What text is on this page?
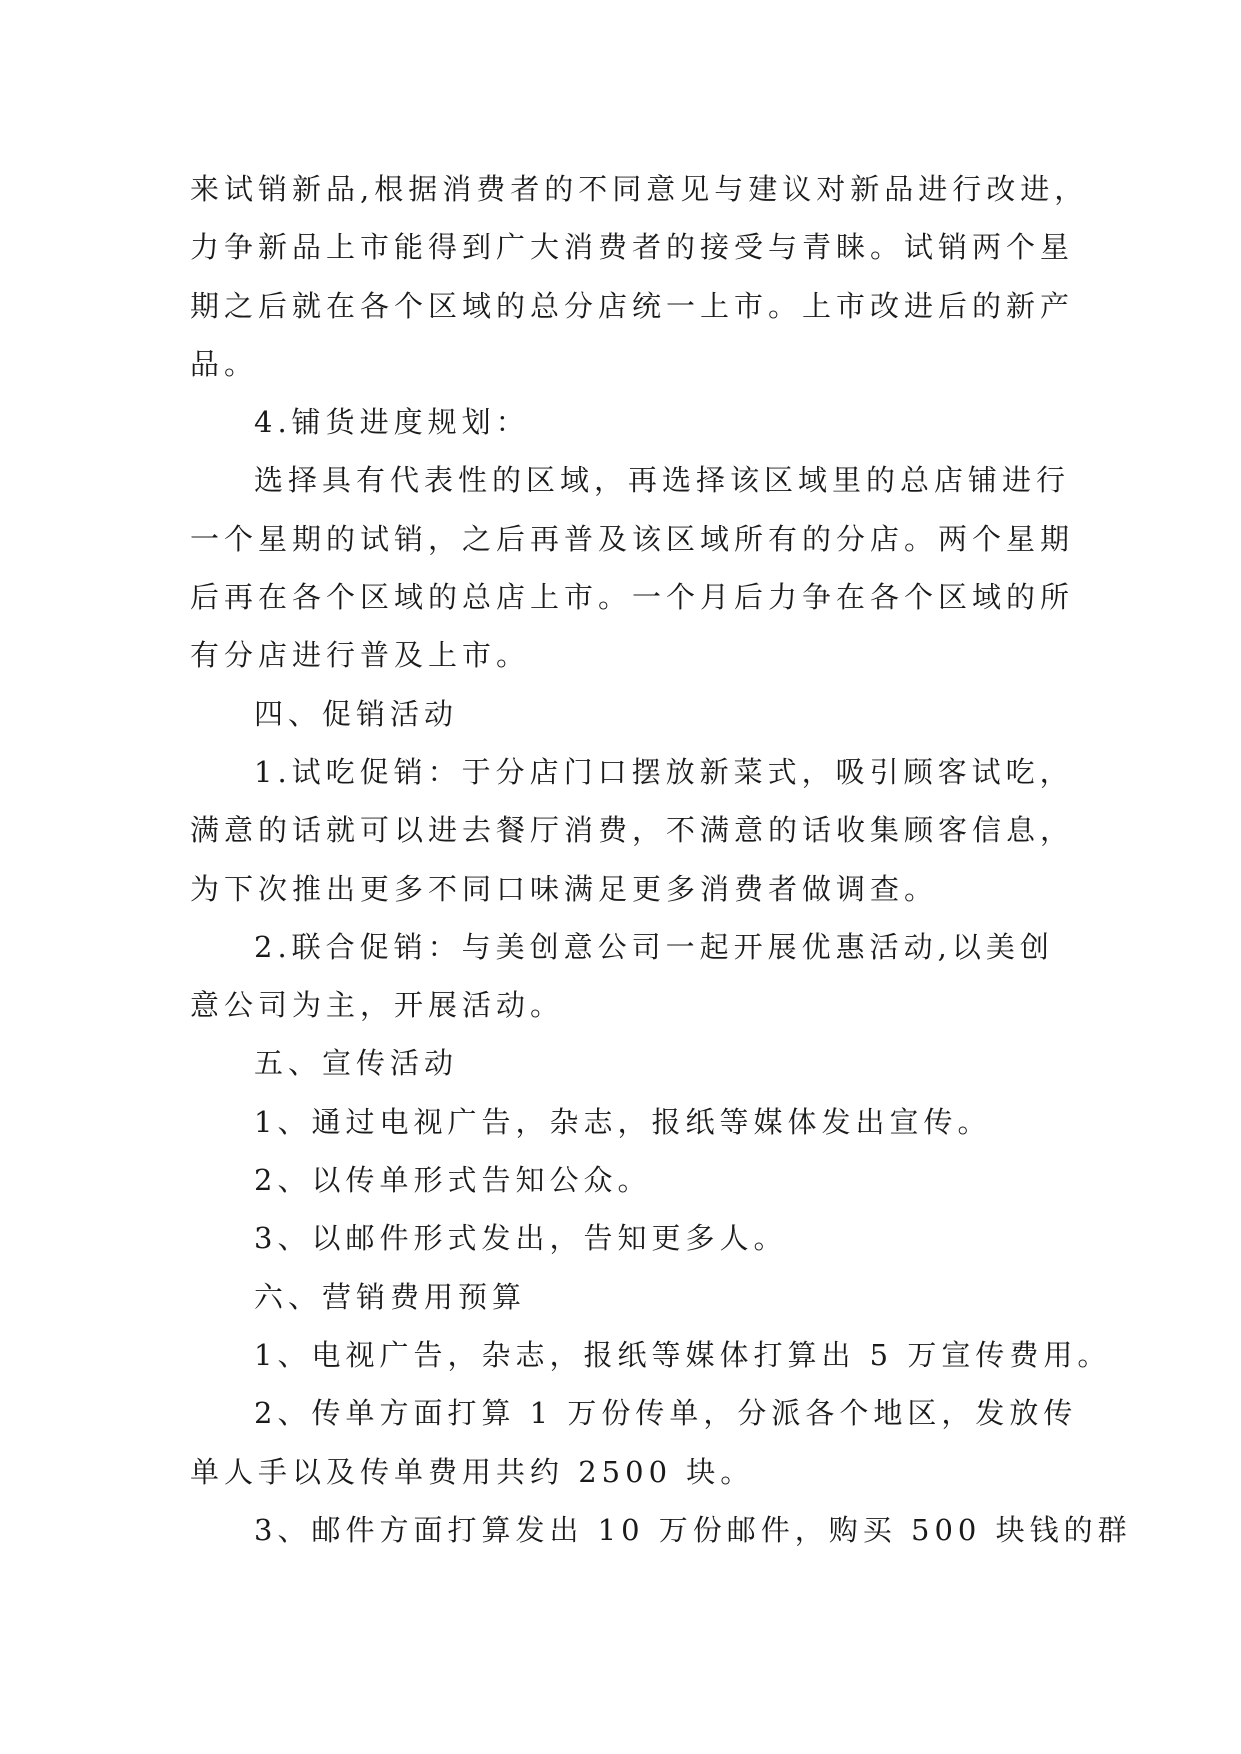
来试销新品,根据消费者的不同意见与建议对新品进行改进，
力争新品上市能得到广大消费者的接受与青睐。试销两个星
期之后就在各个区域的总分店统一上市。上市改进后的新产
品。
4.铺货进度规划：
选择具有代表性的区域，再选择该区域里的总店铺进行
一个星期的试销，之后再普及该区域所有的分店。两个星期
后再在各个区域的总店上市。一个月后力争在各个区域的所
有分店进行普及上市。
四、促销活动
1.试吃促销：于分店门口摆放新菜式，吸引顾客试吃，
满意的话就可以进去餐厅消费，不满意的话收集顾客信息，
为下次推出更多不同口味满足更多消费者做调查。
2.联合促销：与美创意公司一起开展优惠活动,以美创
意公司为主，开展活动。
五、宣传活动
1、通过电视广告，杂志，报纸等媒体发出宣传。
2、以传单形式告知公众。
3、以邮件形式发出，告知更多人。
六、营销费用预算
1、电视广告，杂志，报纸等媒体打算出 5 万宣传费用。
2、传单方面打算 1 万份传单，分派各个地区，发放传
单人手以及传单费用共约 2500 块。
3、邮件方面打算发出 10 万份邮件，购买 500 块钱的群
